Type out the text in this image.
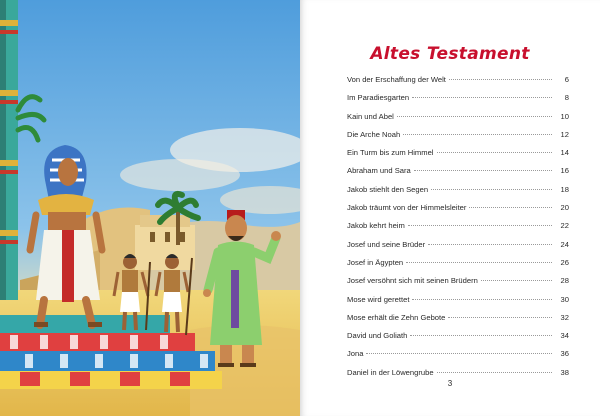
Altes Testament
Von der Erschaffung der Welt	6
Im Paradiesgarten	8
Kain und Abel	10
Die Arche Noah	12
Ein Turm bis zum Himmel	14
Abraham und Sara	16
Jakob stiehlt den Segen	18
Jakob träumt von der Himmelsleiter	20
Jakob kehrt heim	22
Josef und seine Brüder	24
Josef in Ägypten	26
Josef versöhnt sich mit seinen Brüdern	28
Mose wird gerettet	30
Mose erhält die Zehn Gebote	32
David und Goliath	34
Jona	36
Daniel in der Löwengrube	38
3
